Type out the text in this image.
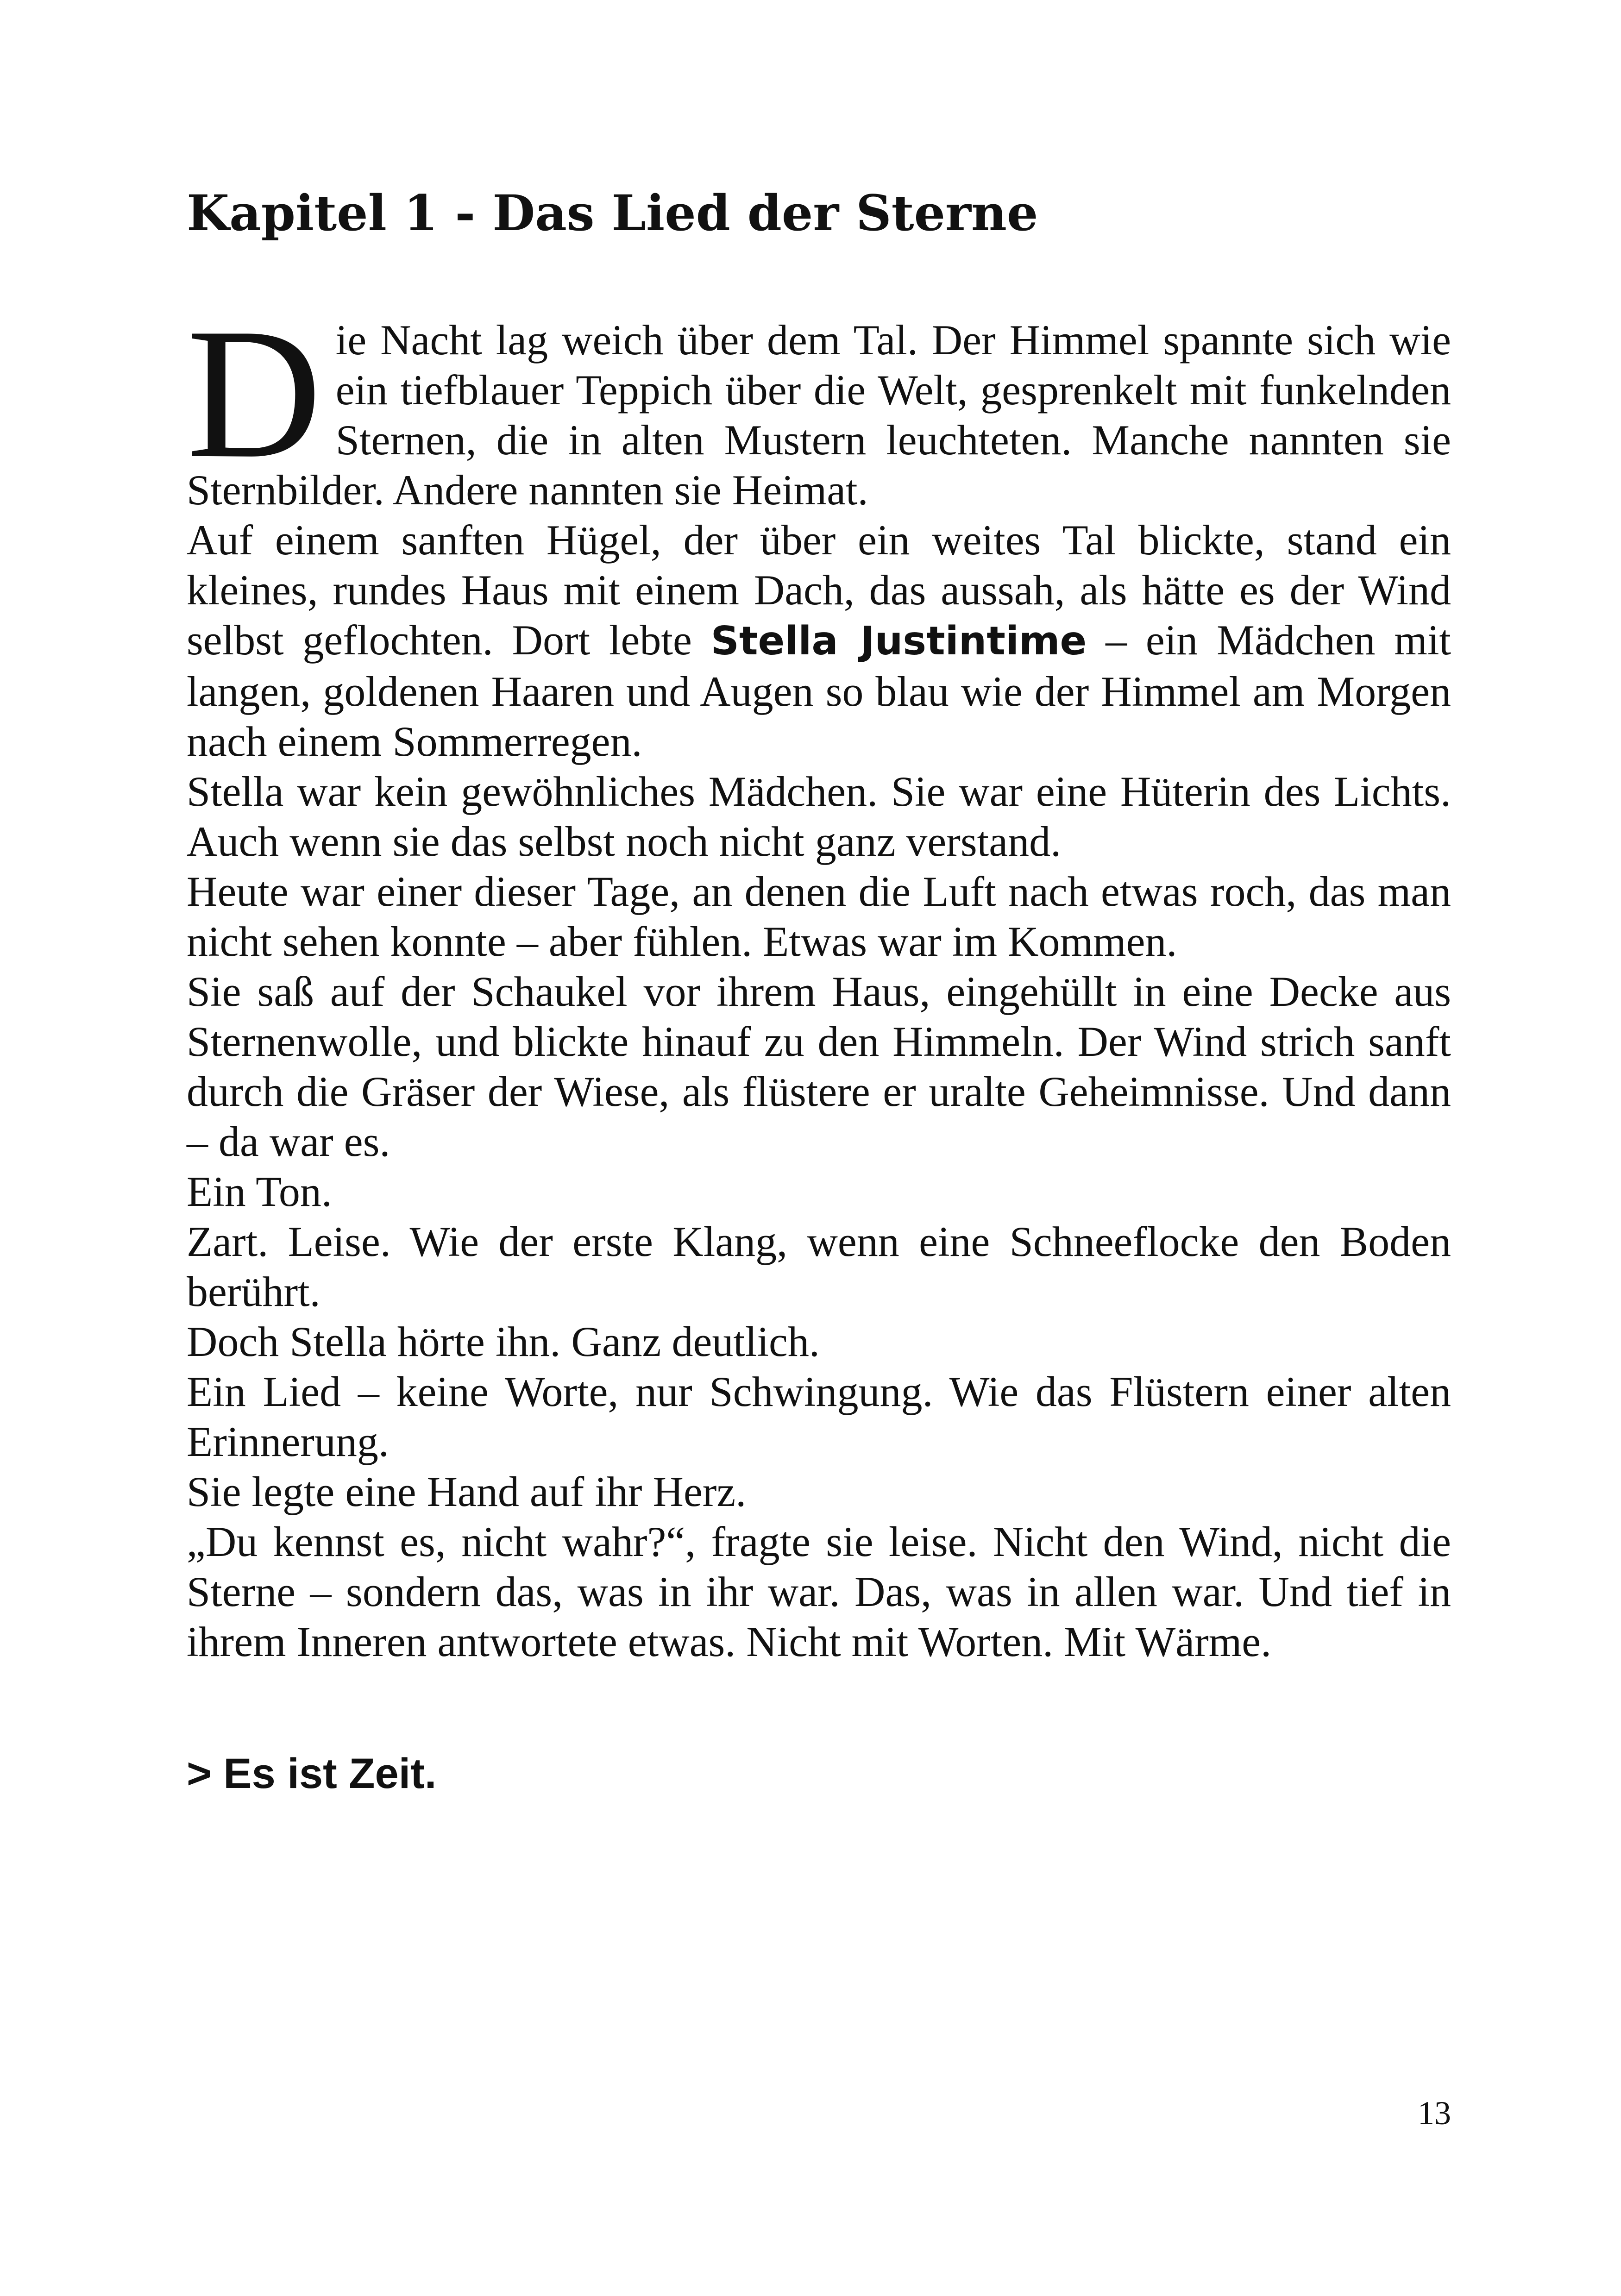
Kapitel 1 - Das Lied der Sterne

Die Nacht lag weich über dem Tal. Der Himmel spannte sich wie ein tiefblauer Teppich über die Welt, gesprenkelt mit funkelnden Sternen, die in alten Mustern leuchteten. Manche nannten sie Sternbilder. Andere nannten sie Heimat.

Auf einem sanften Hügel, der über ein weites Tal blickte, stand ein kleines, rundes Haus mit einem Dach, das aussah, als hätte es der Wind selbst geflochten. Dort lebte Stella Justintime – ein Mädchen mit langen, goldenen Haaren und Augen so blau wie der Himmel am Morgen nach einem Sommerregen.

Stella war kein gewöhnliches Mädchen. Sie war eine Hüterin des Lichts. Auch wenn sie das selbst noch nicht ganz verstand.

Heute war einer dieser Tage, an denen die Luft nach etwas roch, das man nicht sehen konnte – aber fühlen. Etwas war im Kommen.

Sie saß auf der Schaukel vor ihrem Haus, eingehüllt in eine Decke aus Sternenwolle, und blickte hinauf zu den Himmeln. Der Wind strich sanft durch die Gräser der Wiese, als flüstere er uralte Geheimnisse. Und dann – da war es.

Ein Ton.

Zart. Leise. Wie der erste Klang, wenn eine Schneeflocke den Boden berührt.

Doch Stella hörte ihn. Ganz deutlich.

Ein Lied – keine Worte, nur Schwingung. Wie das Flüstern einer alten Erinnerung.

Sie legte eine Hand auf ihr Herz.

„Du kennst es, nicht wahr?“, fragte sie leise. Nicht den Wind, nicht die Sterne – sondern das, was in ihr war. Das, was in allen war. Und tief in ihrem Inneren antwortete etwas. Nicht mit Worten. Mit Wärme.

> Es ist Zeit.

13
